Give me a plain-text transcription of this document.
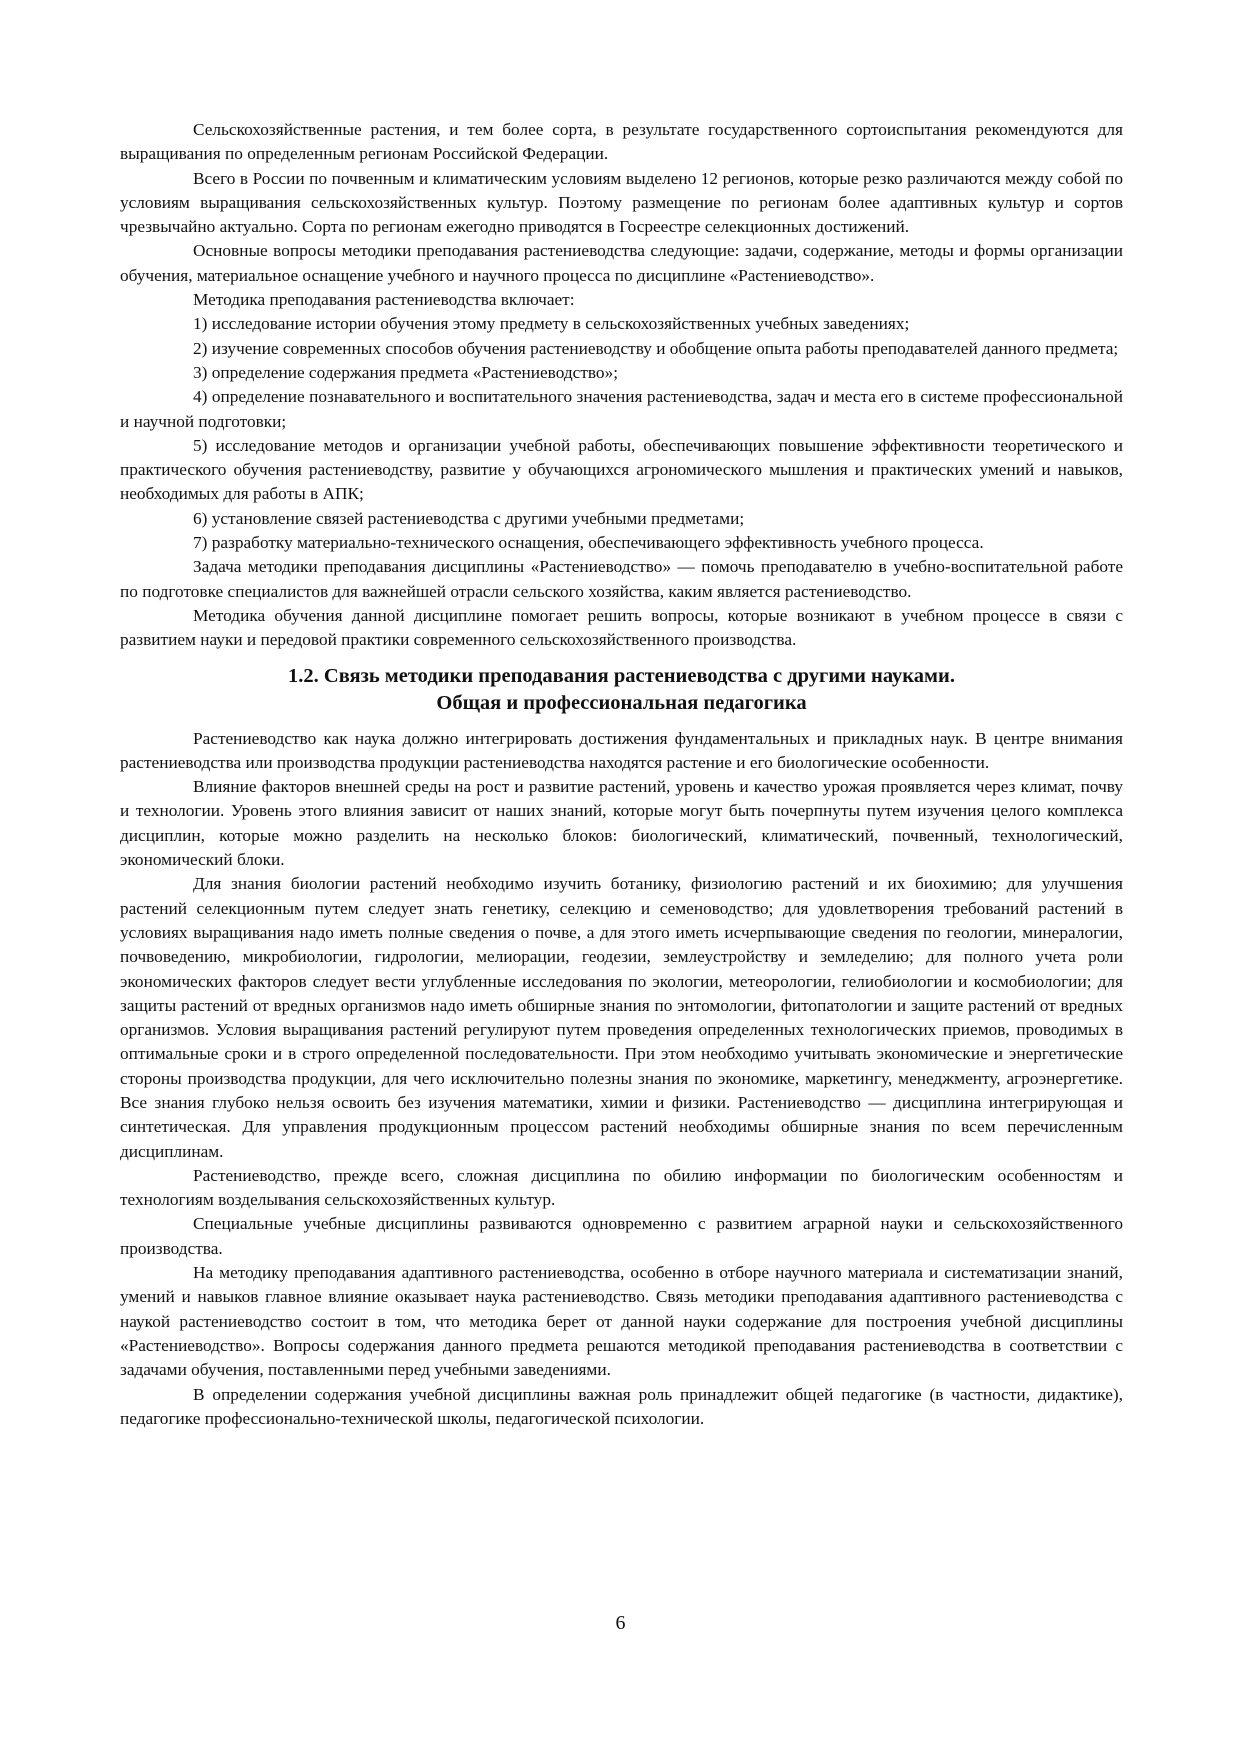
Сельскохозяйственные растения, и тем более сорта, в результате государственного сортоиспытания рекомендуются для выращивания по определенным регионам Российской Федерации.

Всего в России по почвенным и климатическим условиям выделено 12 регионов, которые резко различаются между собой по условиям выращивания сельскохозяйственных культур. Поэтому размещение по регионам более адаптивных культур и сортов чрезвычайно актуально. Сорта по регионам ежегодно приводятся в Госреестре селекционных достижений.

Основные вопросы методики преподавания растениеводства следующие: задачи, содержание, методы и формы организации обучения, материальное оснащение учебного и научного процесса по дисциплине «Растениеводство».

Методика преподавания растениеводства включает:

1) исследование истории обучения этому предмету в сельскохозяйственных учебных заведениях;

2) изучение современных способов обучения растениеводству и обобщение опыта работы преподавателей данного предмета;

3) определение содержания предмета «Растениеводство»;

4) определение познавательного и воспитательного значения растениеводства, задач и места его в системе профессиональной и научной подготовки;

5) исследование методов и организации учебной работы, обеспечивающих повышение эффективности теоретического и практического обучения растениеводству, развитие у обучающихся агрономического мышления и практических умений и навыков, необходимых для работы в АПК;

6) установление связей растениеводства с другими учебными предметами;

7) разработку материально-технического оснащения, обеспечивающего эффективность учебного процесса.

Задача методики преподавания дисциплины «Растениеводство» — помочь преподавателю в учебно-воспитательной работе по подготовке специалистов для важнейшей отрасли сельского хозяйства, каким является растениеводство.

Методика обучения данной дисциплине помогает решить вопросы, которые возникают в учебном процессе в связи с развитием науки и передовой практики современного сельскохозяйственного производства.

1.2. Связь методики преподавания растениеводства с другими науками.
Общая и профессиональная педагогика

Растениеводство как наука должно интегрировать достижения фундаментальных и прикладных наук. В центре внимания растениеводства или производства продукции растениеводства находятся растение и его биологические особенности.

Влияние факторов внешней среды на рост и развитие растений, уровень и качество урожая проявляется через климат, почву и технологии. Уровень этого влияния зависит от наших знаний, которые могут быть почерпнуты путем изучения целого комплекса дисциплин, которые можно разделить на несколько блоков: биологический, климатический, почвенный, технологический, экономический блоки.

Для знания биологии растений необходимо изучить ботанику, физиологию растений и их биохимию; для улучшения растений селекционным путем следует знать генетику, селекцию и семеноводство; для удовлетворения требований растений в условиях выращивания надо иметь полные сведения о почве, а для этого иметь исчерпывающие сведения по геологии, минералогии, почвоведению, микробиологии, гидрологии, мелиорации, геодезии, землеустройству и земледелию; для полного учета роли экономических факторов следует вести углубленные исследования по экологии, метеорологии, гелиобиологии и космобиологии; для защиты растений от вредных организмов надо иметь обширные знания по энтомологии, фитопатологии и защите растений от вредных организмов. Условия выращивания растений регулируют путем проведения определенных технологических приемов, проводимых в оптимальные сроки и в строго определенной последовательности. При этом необходимо учитывать экономические и энергетические стороны производства продукции, для чего исключительно полезны знания по экономике, маркетингу, менеджменту, агроэнергетике. Все знания глубоко нельзя освоить без изучения математики, химии и физики. Растениеводство — дисциплина интегрирующая и синтетическая. Для управления продукционным процессом растений необходимы обширные знания по всем перечисленным дисциплинам.

Растениеводство, прежде всего, сложная дисциплина по обилию информации по биологическим особенностям и технологиям возделывания сельскохозяйственных культур.

Специальные учебные дисциплины развиваются одновременно с развитием аграрной науки и сельскохозяйственного производства.

На методику преподавания адаптивного растениеводства, особенно в отборе научного материала и систематизации знаний, умений и навыков главное влияние оказывает наука растениеводство. Связь методики преподавания адаптивного растениеводства с наукой растениеводство состоит в том, что методика берет от данной науки содержание для построения учебной дисциплины «Растениеводство». Вопросы содержания данного предмета решаются методикой преподавания растениеводства в соответствии с задачами обучения, поставленными перед учебными заведениями.

В определении содержания учебной дисциплины важная роль принадлежит общей педагогике (в частности, дидактике), педагогике профессионально-технической школы, педагогической психологии.

6
